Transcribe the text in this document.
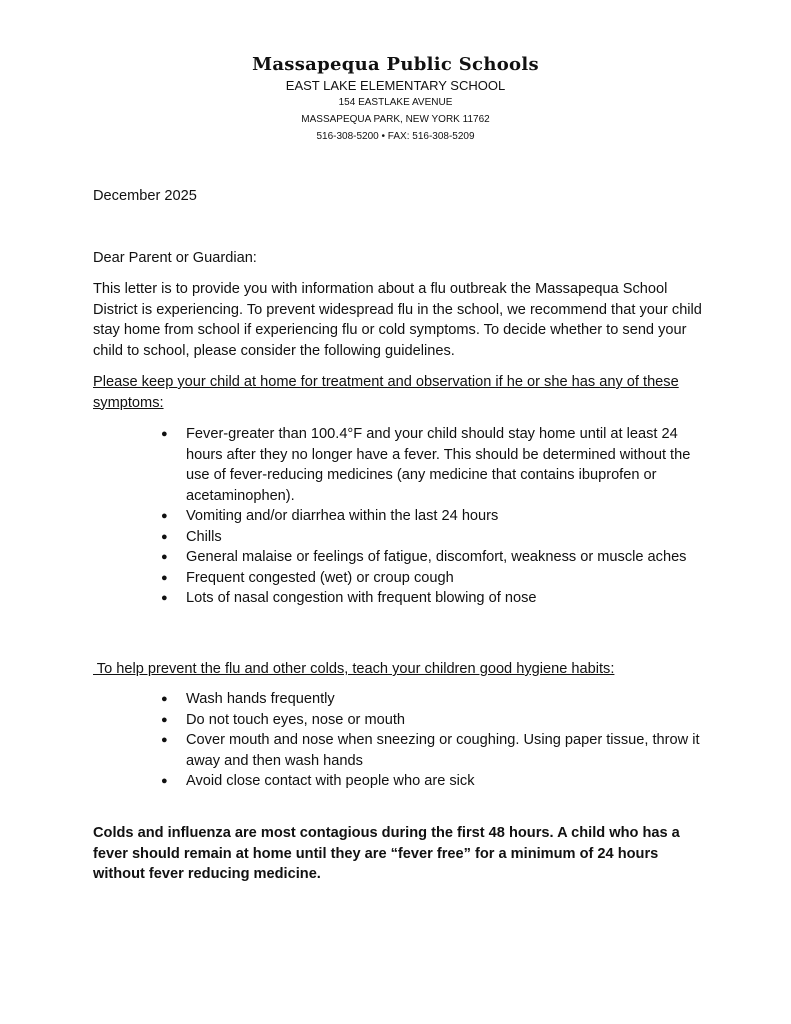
Massapequa Public Schools
EAST LAKE ELEMENTARY SCHOOL
154 EASTLAKE AVENUE
MASSAPEQUA PARK, NEW YORK 11762
516-308-5200 • FAX: 516-308-5209

December 2025

Dear Parent or Guardian:

This letter is to provide you with information about a flu outbreak the Massapequa School District is experiencing. To prevent widespread flu in the school, we recommend that your child stay home from school if experiencing flu or cold symptoms. To decide whether to send your child to school, please consider the following guidelines.

Please keep your child at home for treatment and observation if he or she has any of these symptoms:

● Fever-greater than 100.4°F and your child should stay home until at least 24 hours after they no longer have a fever. This should be determined without the use of fever-reducing medicines (any medicine that contains ibuprofen or acetaminophen).
● Vomiting and/or diarrhea within the last 24 hours
● Chills
● General malaise or feelings of fatigue, discomfort, weakness or muscle aches
● Frequent congested (wet) or croup cough
● Lots of nasal congestion with frequent blowing of nose

To help prevent the flu and other colds, teach your children good hygiene habits:

● Wash hands frequently
● Do not touch eyes, nose or mouth
● Cover mouth and nose when sneezing or coughing. Using paper tissue, throw it away and then wash hands
● Avoid close contact with people who are sick

Colds and influenza are most contagious during the first 48 hours. A child who has a fever should remain at home until they are “fever free” for a minimum of 24 hours without fever reducing medicine.
